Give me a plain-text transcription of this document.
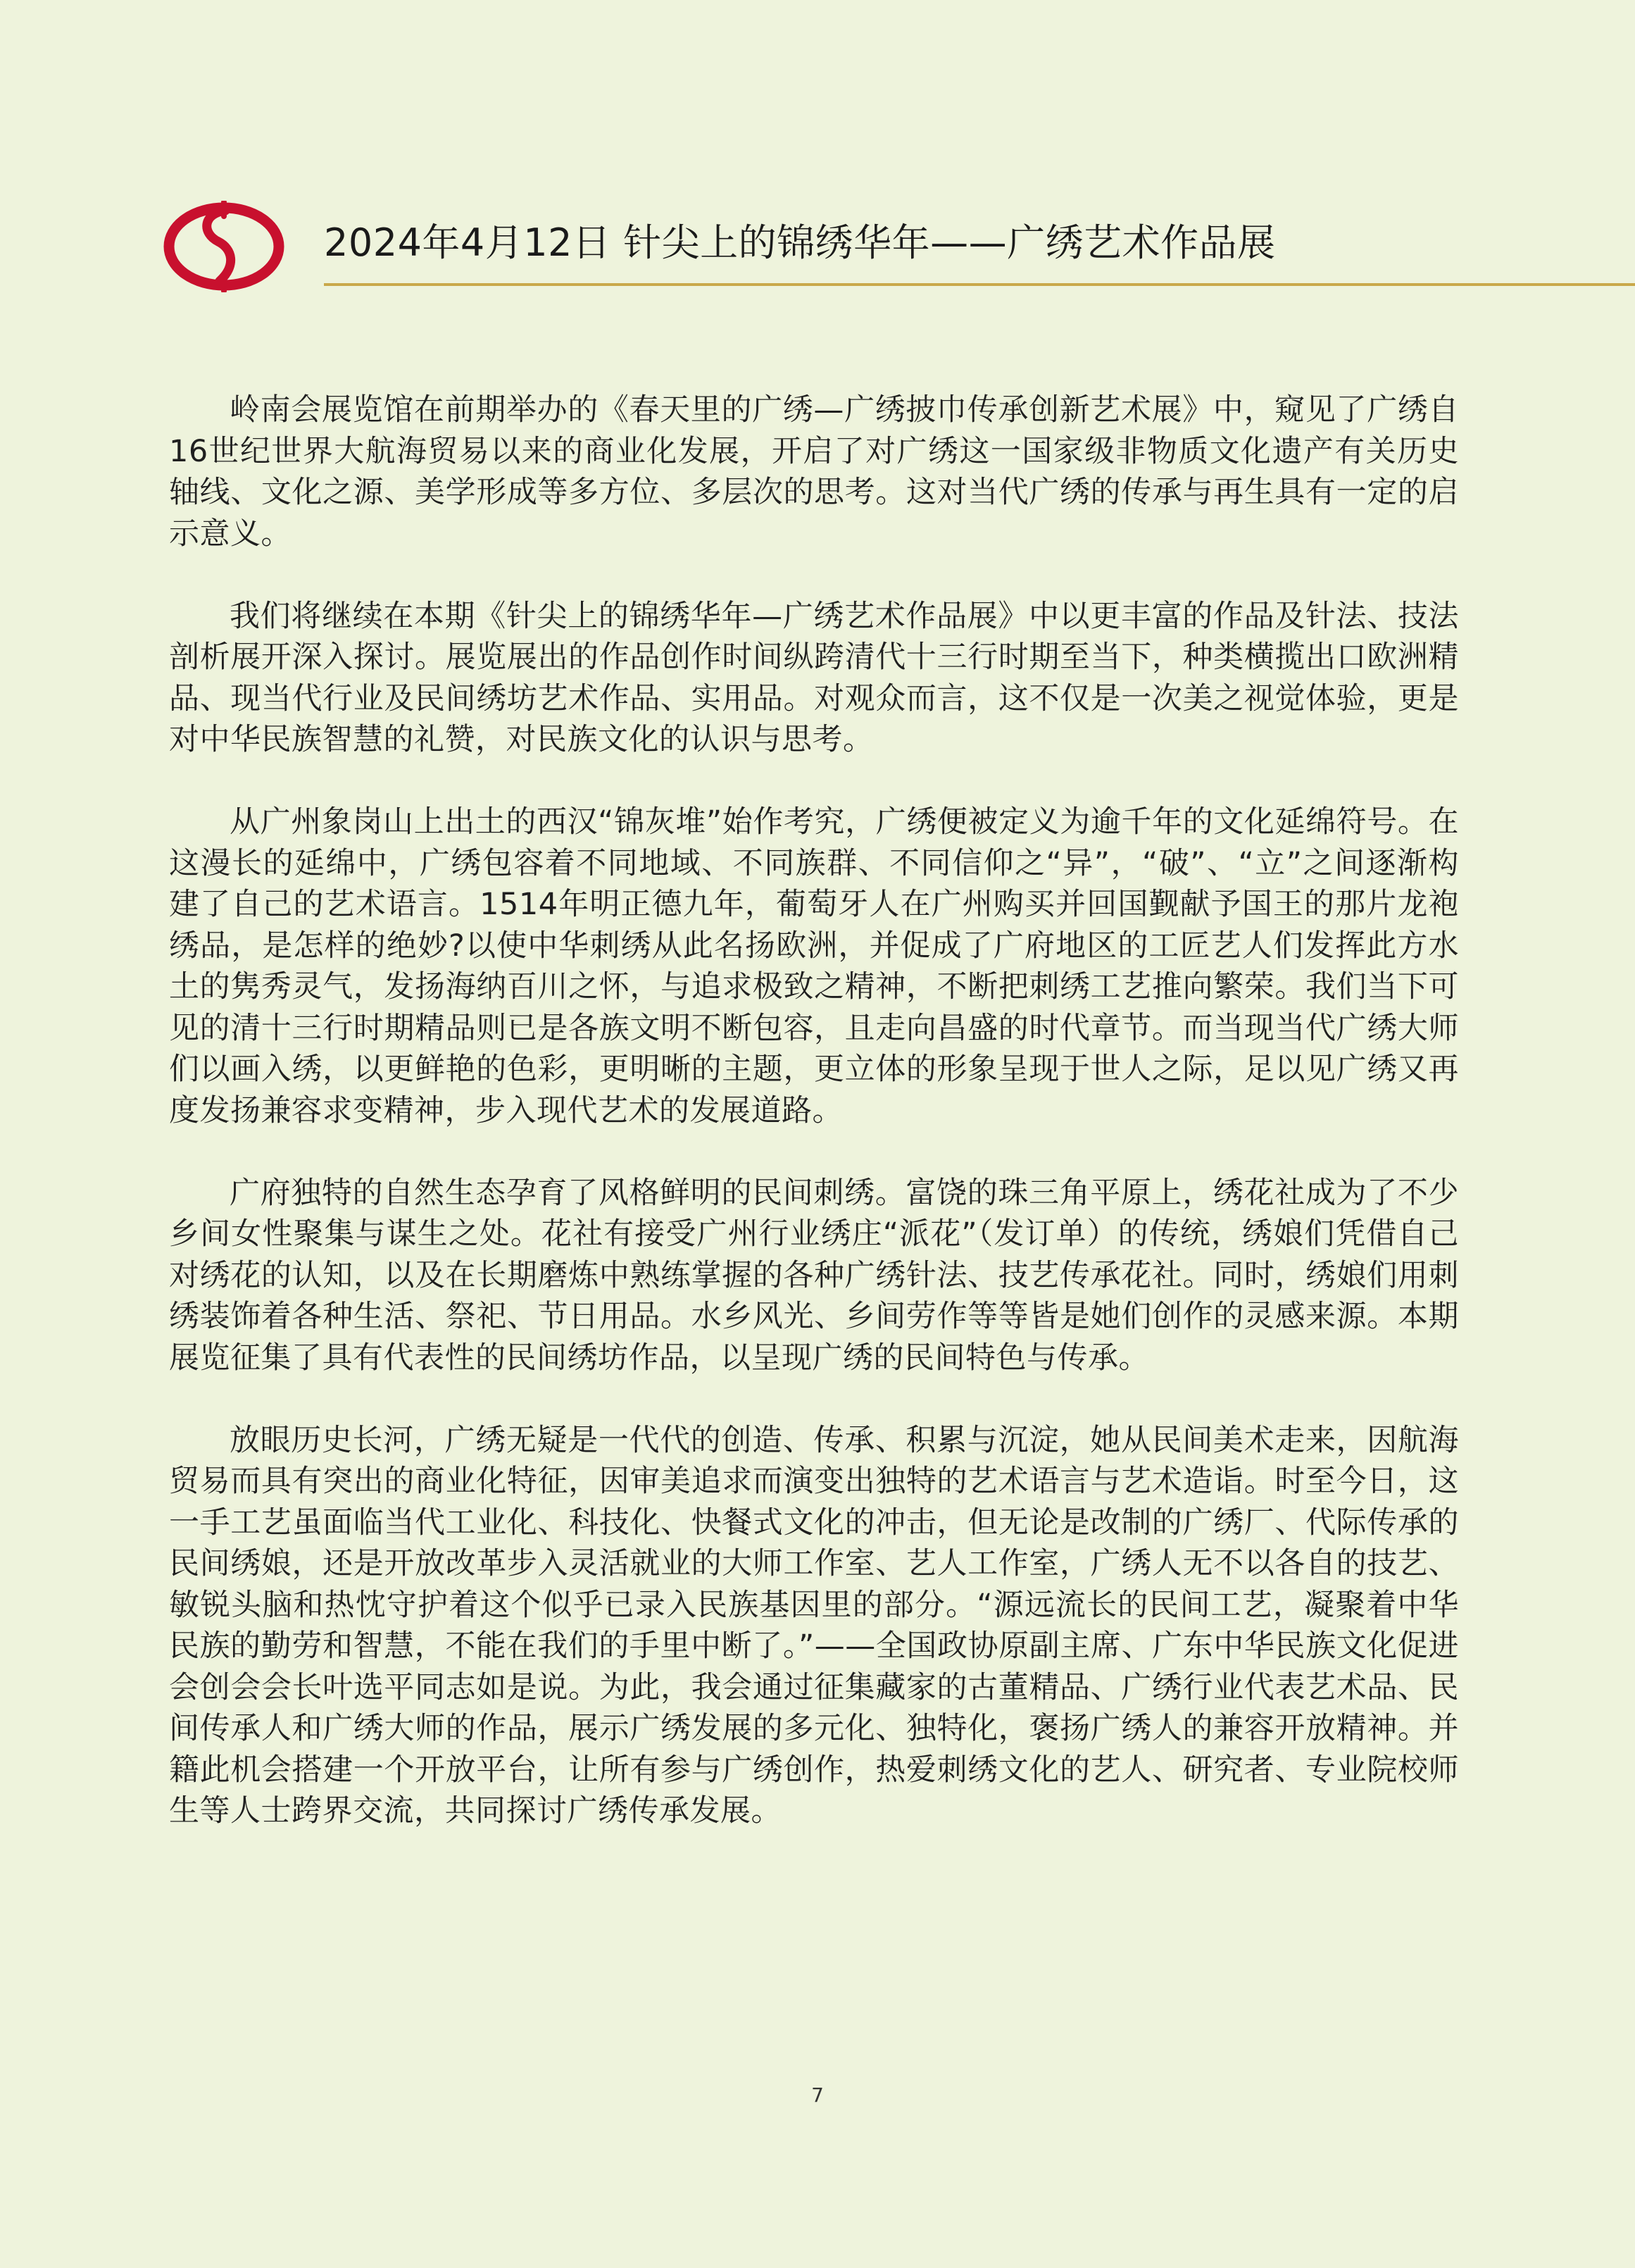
2024年4月12日 针尖上的锦绣华年——广绣艺术作品展

岭南会展览馆在前期举办的《春天里的广绣—广绣披巾传承创新艺术展》中，窥见了广绣自16世纪世界大航海贸易以来的商业化发展，开启了对广绣这一国家级非物质文化遗产有关历史轴线、文化之源、美学形成等多方位、多层次的思考。这对当代广绣的传承与再生具有一定的启示意义。

我们将继续在本期《针尖上的锦绣华年—广绣艺术作品展》中以更丰富的作品及针法、技法剖析展开深入探讨。展览展出的作品创作时间纵跨清代十三行时期至当下，种类横揽出口欧洲精品、现当代行业及民间绣坊艺术作品、实用品。对观众而言，这不仅是一次美之视觉体验，更是对中华民族智慧的礼赞，对民族文化的认识与思考。

从广州象岗山上出土的西汉“锦灰堆”始作考究，广绣便被定义为逾千年的文化延绵符号。在这漫长的延绵中，广绣包容着不同地域、不同族群、不同信仰之“异”，“破”、“立”之间逐渐构建了自己的艺术语言。1514年明正德九年，葡萄牙人在广州购买并回国觐献予国王的那片龙袍绣品，是怎样的绝妙?以使中华刺绣从此名扬欧洲，并促成了广府地区的工匠艺人们发挥此方水土的隽秀灵气，发扬海纳百川之怀，与追求极致之精神，不断把刺绣工艺推向繁荣。我们当下可见的清十三行时期精品则已是各族文明不断包容，且走向昌盛的时代章节。而当现当代广绣大师们以画入绣，以更鲜艳的色彩，更明晰的主题，更立体的形象呈现于世人之际，足以见广绣又再度发扬兼容求变精神，步入现代艺术的发展道路。

广府独特的自然生态孕育了风格鲜明的民间刺绣。富饶的珠三角平原上，绣花社成为了不少乡间女性聚集与谋生之处。花社有接受广州行业绣庄“派花”（发订单）的传统，绣娘们凭借自己对绣花的认知，以及在长期磨炼中熟练掌握的各种广绣针法、技艺传承花社。同时，绣娘们用刺绣装饰着各种生活、祭祀、节日用品。水乡风光、乡间劳作等等皆是她们创作的灵感来源。本期展览征集了具有代表性的民间绣坊作品，以呈现广绣的民间特色与传承。

放眼历史长河，广绣无疑是一代代的创造、传承、积累与沉淀，她从民间美术走来，因航海贸易而具有突出的商业化特征，因审美追求而演变出独特的艺术语言与艺术造诣。时至今日，这一手工艺虽面临当代工业化、科技化、快餐式文化的冲击，但无论是改制的广绣厂、代际传承的民间绣娘，还是开放改革步入灵活就业的大师工作室、艺人工作室，广绣人无不以各自的技艺、敏锐头脑和热忱守护着这个似乎已录入民族基因里的部分。“源远流长的民间工艺，凝聚着中华民族的勤劳和智慧，不能在我们的手里中断了。”——全国政协原副主席、广东中华民族文化促进会创会会长叶选平同志如是说。为此，我会通过征集藏家的古董精品、广绣行业代表艺术品、民间传承人和广绣大师的作品，展示广绣发展的多元化、独特化，褒扬广绣人的兼容开放精神。并籍此机会搭建一个开放平台，让所有参与广绣创作，热爱刺绣文化的艺人、研究者、专业院校师生等人士跨界交流，共同探讨广绣传承发展。

7
